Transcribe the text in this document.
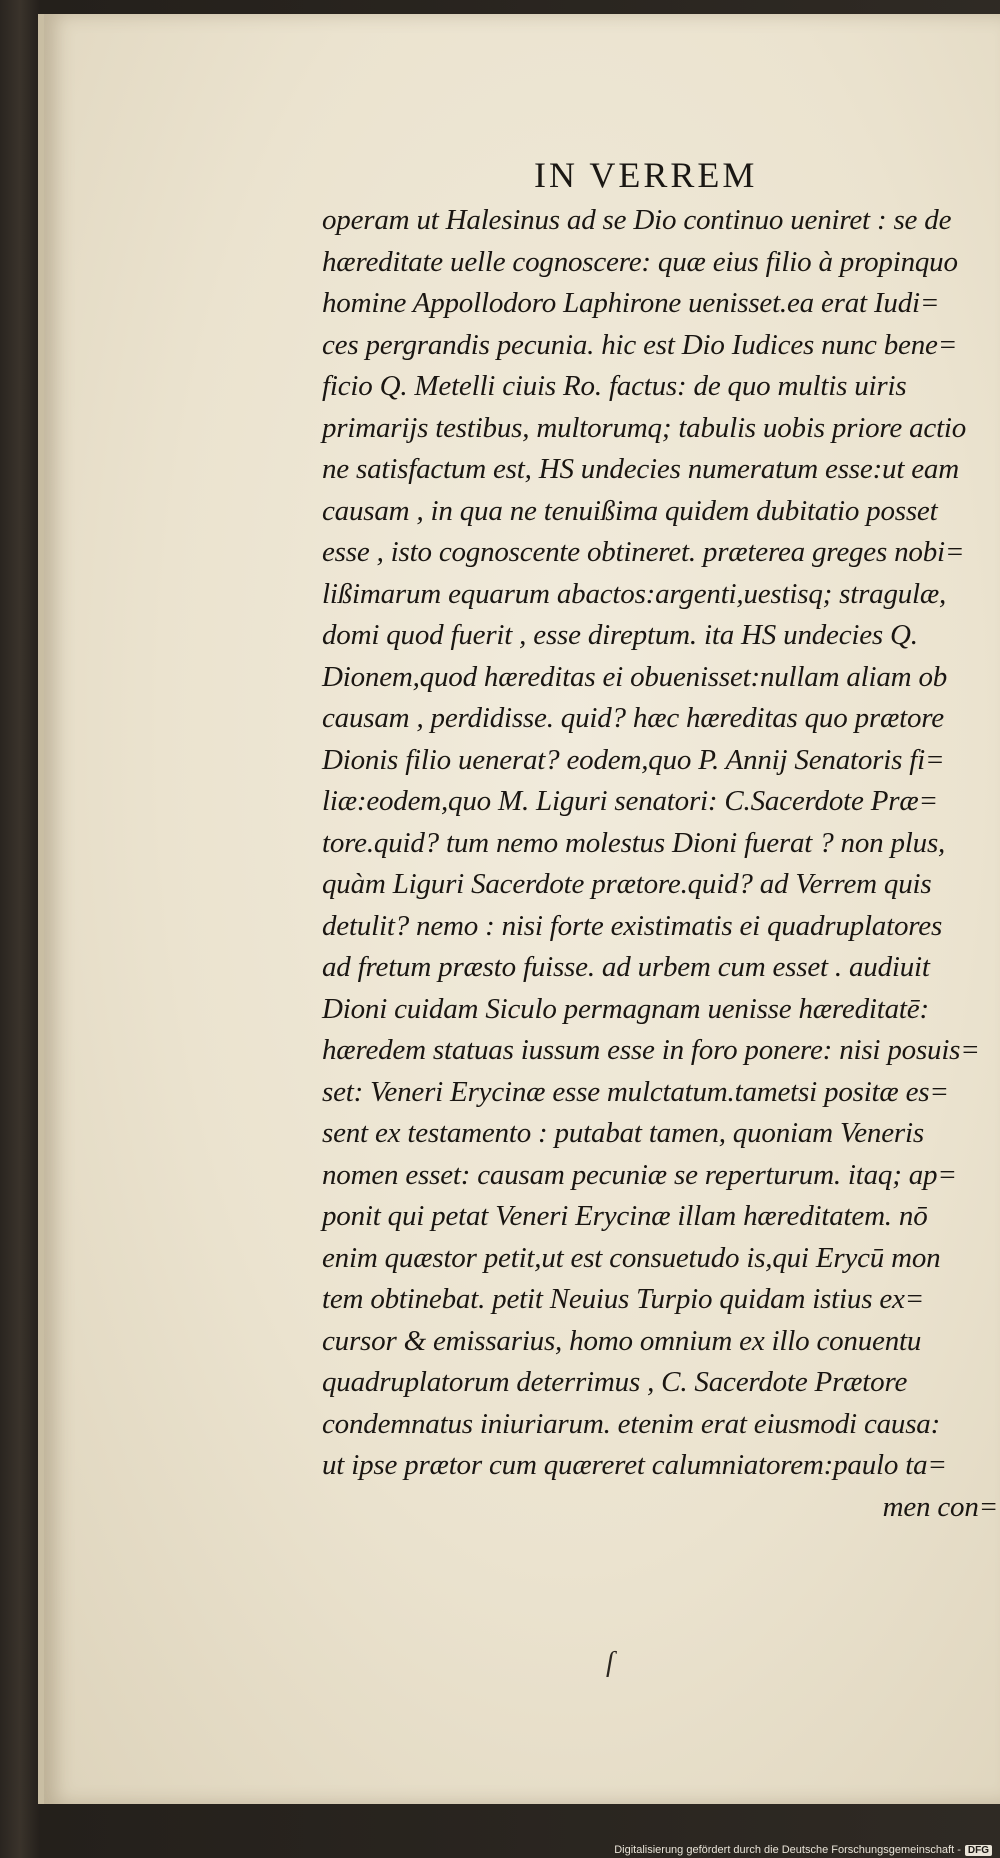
IN VERREM
operam ut Halesinus ad se Dio continuo ueniret : se de
hæreditate uelle cognoscere: quæ eius filio à propinquo
homine Appollodoro Laphirone uenisset.ea erat Iudi=
ces pergrandis pecunia. hic est Dio Iudices nunc bene=
ficio Q. Metelli ciuis Ro. factus: de quo multis uiris
primarijs testibus, multorumq; tabulis uobis priore actio
ne satisfactum est, HS undecies numeratum esse:ut eam
causam , in qua ne tenuißima quidem dubitatio posset
esse , isto cognoscente obtineret. præterea greges nobi=
lißimarum equarum abactos:argenti,uestisq; stragulæ,
domi quod fuerit , esse direptum. ita HS undecies Q.
Dionem,quod hæreditas ei obuenisset:nullam aliam ob
causam , perdidisse. quid? hæc hæreditas quo prætore
Dionis filio uenerat? eodem,quo P. Annij Senatoris fi=
liæ:eodem,quo M. Liguri senatori: C.Sacerdote Præ=
tore.quid? tum nemo molestus Dioni fuerat ? non plus,
quàm Liguri Sacerdote prætore.quid? ad Verrem quis
detulit? nemo : nisi forte existimatis ei quadruplatores
ad fretum præsto fuisse. ad urbem cum esset . audiuit
Dioni cuidam Siculo permagnam uenisse hæreditatē:
hæredem statuas iussum esse in foro ponere: nisi posuis=
set: Veneri Erycinæ esse mulctatum.tametsi positæ es=
sent ex testamento : putabat tamen, quoniam Veneris
nomen esset: causam pecuniæ se reperturum. itaq; ap=
ponit qui petat Veneri Erycinæ illam hæreditatem. nō
enim quæstor petit,ut est consuetudo is,qui Erycū mon
tem obtinebat. petit Neuius Turpio quidam istius ex=
cursor & emissarius, homo omnium ex illo conuentu
quadruplatorum deterrimus , C. Sacerdote Prætore
condemnatus iniuriarum. etenim erat eiusmodi causa:
ut ipse prætor cum quæreret calumniatorem:paulo ta=
men con=
ſ
Digitalisierung gefördert durch die Deutsche Forschungsgemeinschaft - DFG
